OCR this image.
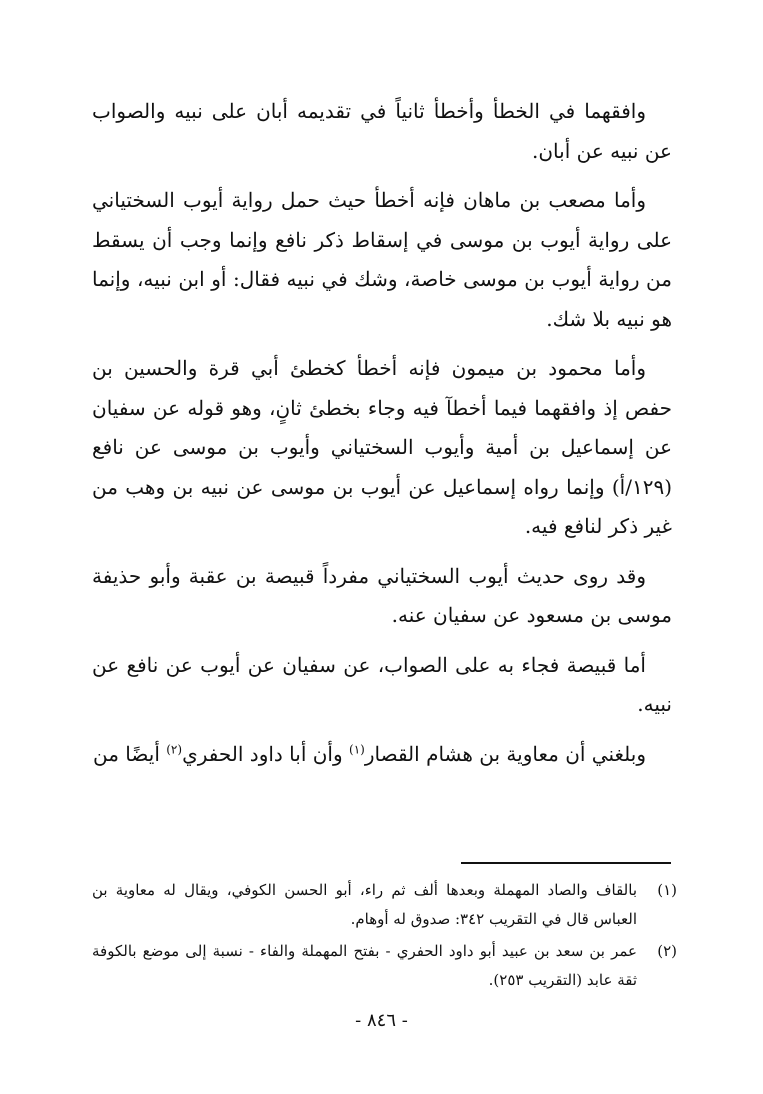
وافقهما في الخطأ وأخطأ ثانياً في تقديمه أبان على نبيه والصواب عن نبيه عن أبان.

وأما مصعب بن ماهان فإنه أخطأ حيث حمل رواية أيوب السختياني على رواية أيوب بن موسى في إسقاط ذكر نافع وإنما وجب أن يسقط من رواية أيوب بن موسى خاصة، وشك في نبيه فقال: أو ابن نبيه، وإنما هو نبيه بلا شك.

وأما محمود بن ميمون فإنه أخطأ كخطئ أبي قرة والحسين بن حفص إذ وافقهما فيما أخطآ فيه وجاء بخطئ ثانٍ، وهو قوله عن سفيان عن إسماعيل بن أمية وأيوب السختياني وأيوب بن موسى عن نافع (١٢٩/أ) وإنما رواه إسماعيل عن أيوب بن موسى عن نبيه بن وهب من غير ذكر لنافع فيه.

وقد روى حديث أيوب السختياني مفرداً قبيصة بن عقبة وأبو حذيفة موسى بن مسعود عن سفيان عنه.

أما قبيصة فجاء به على الصواب، عن سفيان عن أيوب عن نافع عن نبيه.

وبلغني أن معاوية بن هشام القصار$^{(١)}$ وأن أبا داود الحفري$^{(٢)}$ أيضًا من

(١)
بالقاف والصاد المهملة وبعدها ألف ثم راء، أبو الحسن الكوفي، ويقال له معاوية بن العباس قال في التقريب ٣٤٢: صدوق له أوهام.
(٢)
عمر بن سعد بن عبيد أبو داود الحفري - بفتح المهملة والفاء - نسبة إلى موضع بالكوفة ثقة عابد (التقريب ٢٥٣).
- ٨٤٦ -
